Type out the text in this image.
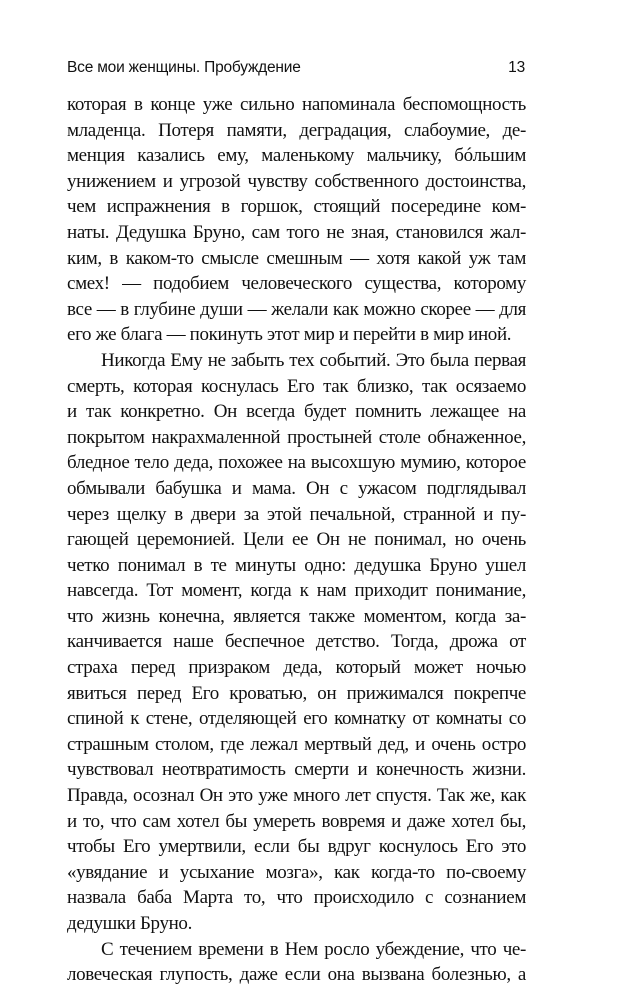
Все мои женщины. Пробуждение	13

которая в конце уже сильно напоминала беспомощность
младенца. Потеря памяти, деградация, слабоумие, де-
менция казались ему, маленькому мальчику, бóльшим
унижением и угрозой чувству собственного достоинства,
чем испражнения в горшок, стоящий посередине ком-
наты. Дедушка Бруно, сам того не зная, становился жал-
ким, в каком-то смысле смешным — хотя какой уж там
смех! — подобием человеческого существа, которому
все — в глубине души — желали как можно скорее — для
его же блага — покинуть этот мир и перейти в мир иной.

Никогда Ему не забыть тех событий. Это была первая
смерть, которая коснулась Его так близко, так осязаемо
и так конкретно. Он всегда будет помнить лежащее на
покрытом накрахмаленной простыней столе обнаженное,
бледное тело деда, похожее на высохшую мумию, которое
обмывали бабушка и мама. Он с ужасом подглядывал
через щелку в двери за этой печальной, странной и пу-
гающей церемонией. Цели ее Он не понимал, но очень
четко понимал в те минуты одно: дедушка Бруно ушел
навсегда. Тот момент, когда к нам приходит понимание,
что жизнь конечна, является также моментом, когда за-
канчивается наше беспечное детство. Тогда, дрожа от
страха перед призраком деда, который может ночью
явиться перед Его кроватью, он прижимался покрепче
спиной к стене, отделяющей его комнатку от комнаты со
страшным столом, где лежал мертвый дед, и очень остро
чувствовал неотвратимость смерти и конечность жизни.
Правда, осознал Он это уже много лет спустя. Так же, как
и то, что сам хотел бы умереть вовремя и даже хотел бы,
чтобы Его умертвили, если бы вдруг коснулось Его это
«увядание и усыхание мозга», как когда-то по-своему
назвала баба Марта то, что происходило с сознанием
дедушки Бруно.

С течением времени в Нем росло убеждение, что че-
ловеческая глупость, даже если она вызвана болезнью, а
